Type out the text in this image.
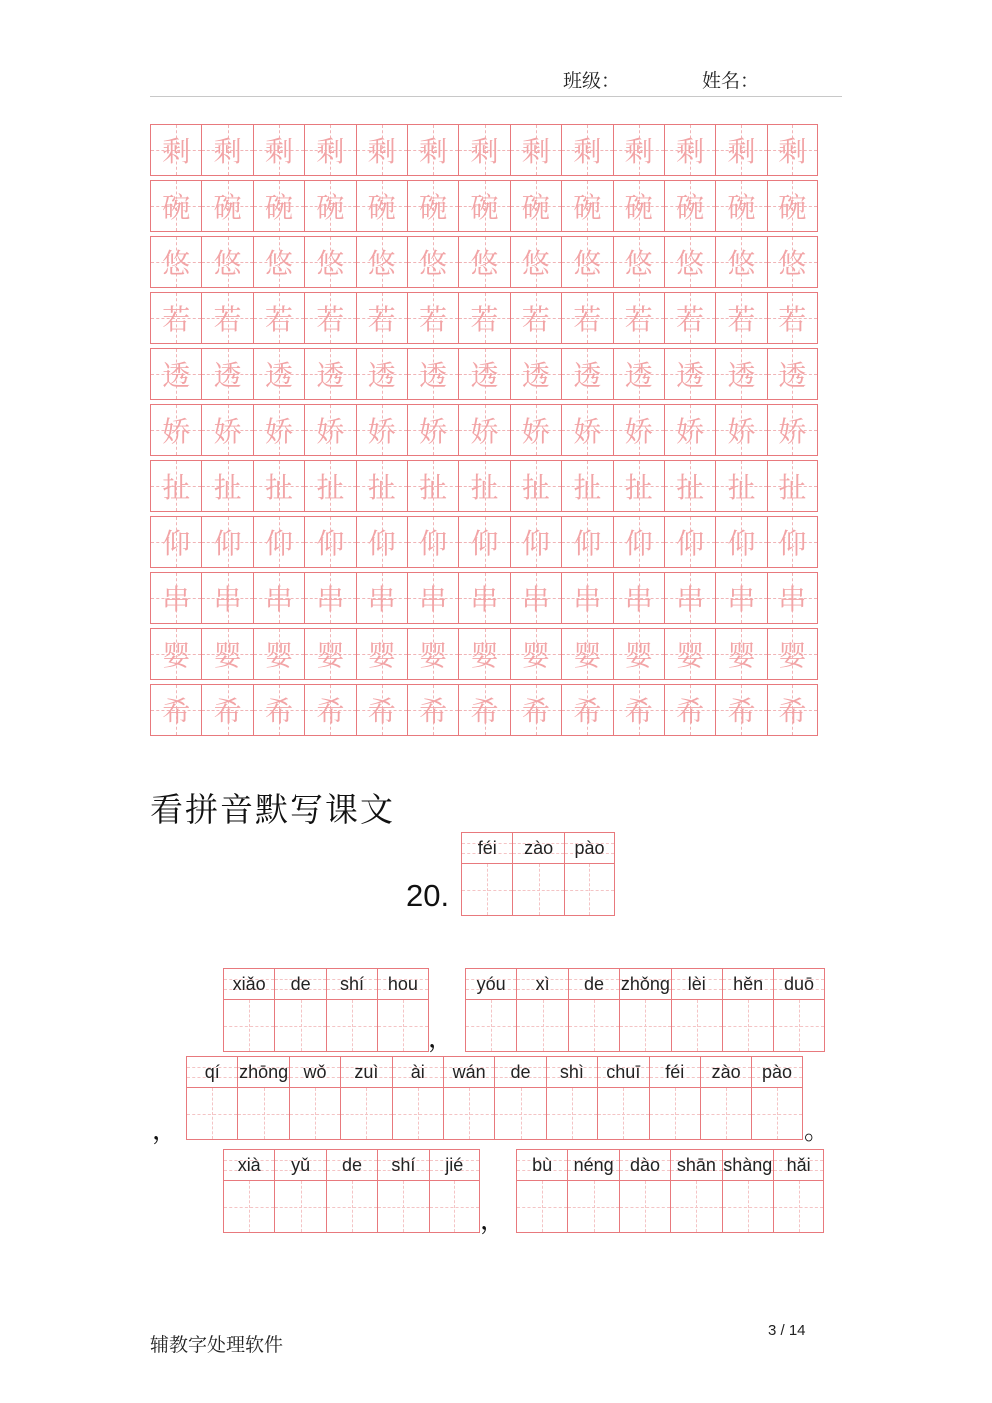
班级：	姓名：
剩 剩 剩 剩 剩 剩 剩 剩 剩 剩 剩 剩 剩
碗 碗 碗 碗 碗 碗 碗 碗 碗 碗 碗 碗 碗
悠 悠 悠 悠 悠 悠 悠 悠 悠 悠 悠 悠 悠
若 若 若 若 若 若 若 若 若 若 若 若 若
透 透 透 透 透 透 透 透 透 透 透 透 透
娇 娇 娇 娇 娇 娇 娇 娇 娇 娇 娇 娇 娇
扯 扯 扯 扯 扯 扯 扯 扯 扯 扯 扯 扯 扯
仰 仰 仰 仰 仰 仰 仰 仰 仰 仰 仰 仰 仰
串 串 串 串 串 串 串 串 串 串 串 串 串
婴 婴 婴 婴 婴 婴 婴 婴 婴 婴 婴 婴 婴
希 希 希 希 希 希 希 希 希 希 希 希 希
看拼音默写课文
20.
féi zào pào
xiǎo de shí hou
，
yóu xì de zhǒng lèi hěn duō
，
qí zhōng wǒ zuì ài wán de shì chuī féi zào pào
。
xià yǔ de shí jié
，
bù néng dào shān shàng hǎi
辅教字处理软件
3 / 14
